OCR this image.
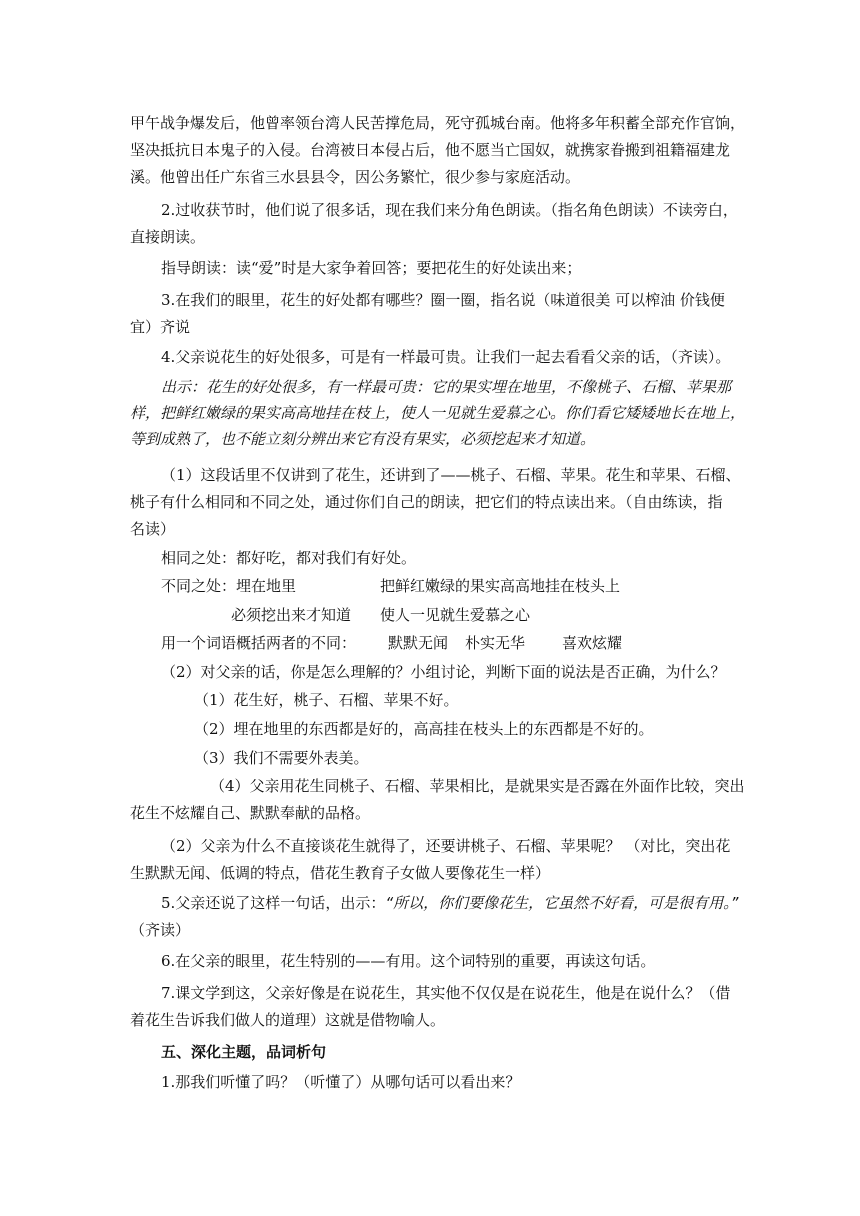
甲午战争爆发后，他曾率领台湾人民苦撑危局，死守孤城台南。他将多年积蓄全部充作官饷，
坚决抵抗日本鬼子的入侵。台湾被日本侵占后，他不愿当亡国奴，就携家眷搬到祖籍福建龙
溪。他曾出任广东省三水县县令，因公务繁忙，很少参与家庭活动。
2.过收获节时，他们说了很多话，现在我们来分角色朗读。（指名角色朗读）不读旁白，
直接朗读。
指导朗读：读“爱”时是大家争着回答；要把花生的好处读出来；
3.在我们的眼里，花生的好处都有哪些？圈一圈，指名说（味道很美 可以榨油 价钱便
宜）齐说
4.父亲说花生的好处很多，可是有一样最可贵。让我们一起去看看父亲的话，（齐读）。
出示：花生的好处很多，有一样最可贵：它的果实埋在地里，不像桃子、石榴、苹果那
样，把鲜红嫩绿的果实高高地挂在枝上，使人一见就生爱慕之心。你们看它矮矮地长在地上，
等到成熟了，也不能立刻分辨出来它有没有果实，必须挖起来才知道。
（1）这段话里不仅讲到了花生，还讲到了——桃子、石榴、苹果。花生和苹果、石榴、
桃子有什么相同和不同之处，通过你们自己的朗读，把它们的特点读出来。（自由练读，指
名读）
相同之处：都好吃，都对我们有好处。
不同之处：埋在地里	把鲜红嫩绿的果实高高地挂在枝头上
必须挖出来才知道 使人一见就生爱慕之心
用一个词语概括两者的不同： 默默无闻 朴实无华 喜欢炫耀
（2）对父亲的话，你是怎么理解的？小组讨论，判断下面的说法是否正确，为什么？
（1）花生好，桃子、石榴、苹果不好。
（2）埋在地里的东西都是好的，高高挂在枝头上的东西都是不好的。
（3）我们不需要外表美。
（4）父亲用花生同桃子、石榴、苹果相比，是就果实是否露在外面作比较，突出
花生不炫耀自己、默默奉献的品格。
（2）父亲为什么不直接谈花生就得了，还要讲桃子、石榴、苹果呢？ （对比，突出花
生默默无闻、低调的特点，借花生教育子女做人要像花生一样）
5.父亲还说了这样一句话，出示：“所以，你们要像花生，它虽然不好看，可是很有用。”
（齐读）
6.在父亲的眼里，花生特别的——有用。这个词特别的重要，再读这句话。
7.课文学到这，父亲好像是在说花生，其实他不仅仅是在说花生，他是在说什么？（借
着花生告诉我们做人的道理）这就是借物喻人。
五、深化主题，品词析句
1.那我们听懂了吗？（听懂了）从哪句话可以看出来？
